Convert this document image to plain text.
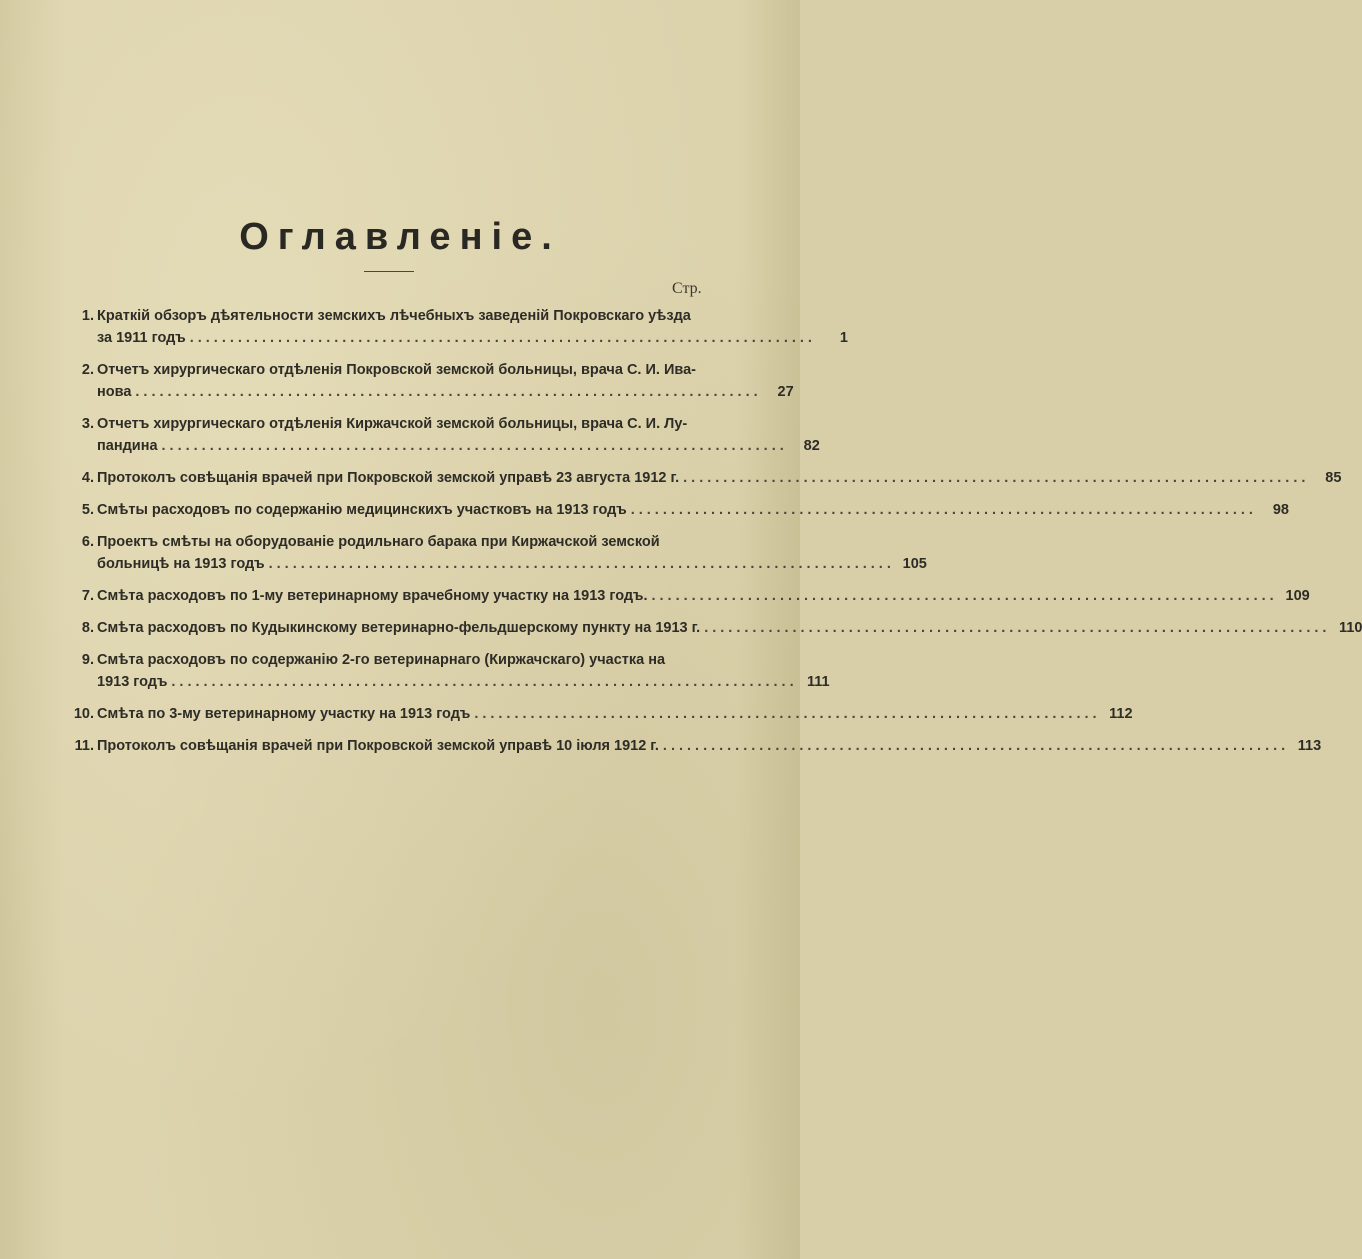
Оглавленіе.
Стр.
1. Краткій обзоръ дѣятельности земскихъ лѣчебныхъ заведеній Покровскаго уѣзда
за 1911 годъ ..............................................................................	1
2. Отчетъ хирургическаго отдѣленія Покровской земской больницы, врача С. И. Ива-
нова ..............................................................................	27
3. Отчетъ хирургическаго отдѣленія Киржачской земской больницы, врача С. И. Лу-
пандина ..............................................................................	82
4. Протоколъ совѣщанія врачей при Покровской земской управѣ 23 августа 1912 г. ..............................................................................	85
5. Смѣты расходовъ по содержанію медицинскихъ участковъ на 1913 годъ ..............................................................................	98
6. Проектъ смѣты на оборудованіе родильнаго барака при Киржачской земской
больницѣ на 1913 годъ .............................................................................. 105
7. Смѣта расходовъ по 1-му ветеринарному врачебному участку на 1913 годъ. .............................................................................. 109
8. Смѣта расходовъ по Кудыкинскому ветеринарно-фельдшерскому пункту на 1913 г. .............................................................................. 110
9. Смѣта расходовъ по содержанію 2-го ветеринарнаго (Киржачскаго) участка на
1913 годъ .............................................................................. 111
10. Смѣта по 3-му ветеринарному участку на 1913 годъ .............................................................................. 112
11. Протоколъ совѣщанія врачей при Покровской земской управѣ 10 іюля 1912 г. .............................................................................. 113
